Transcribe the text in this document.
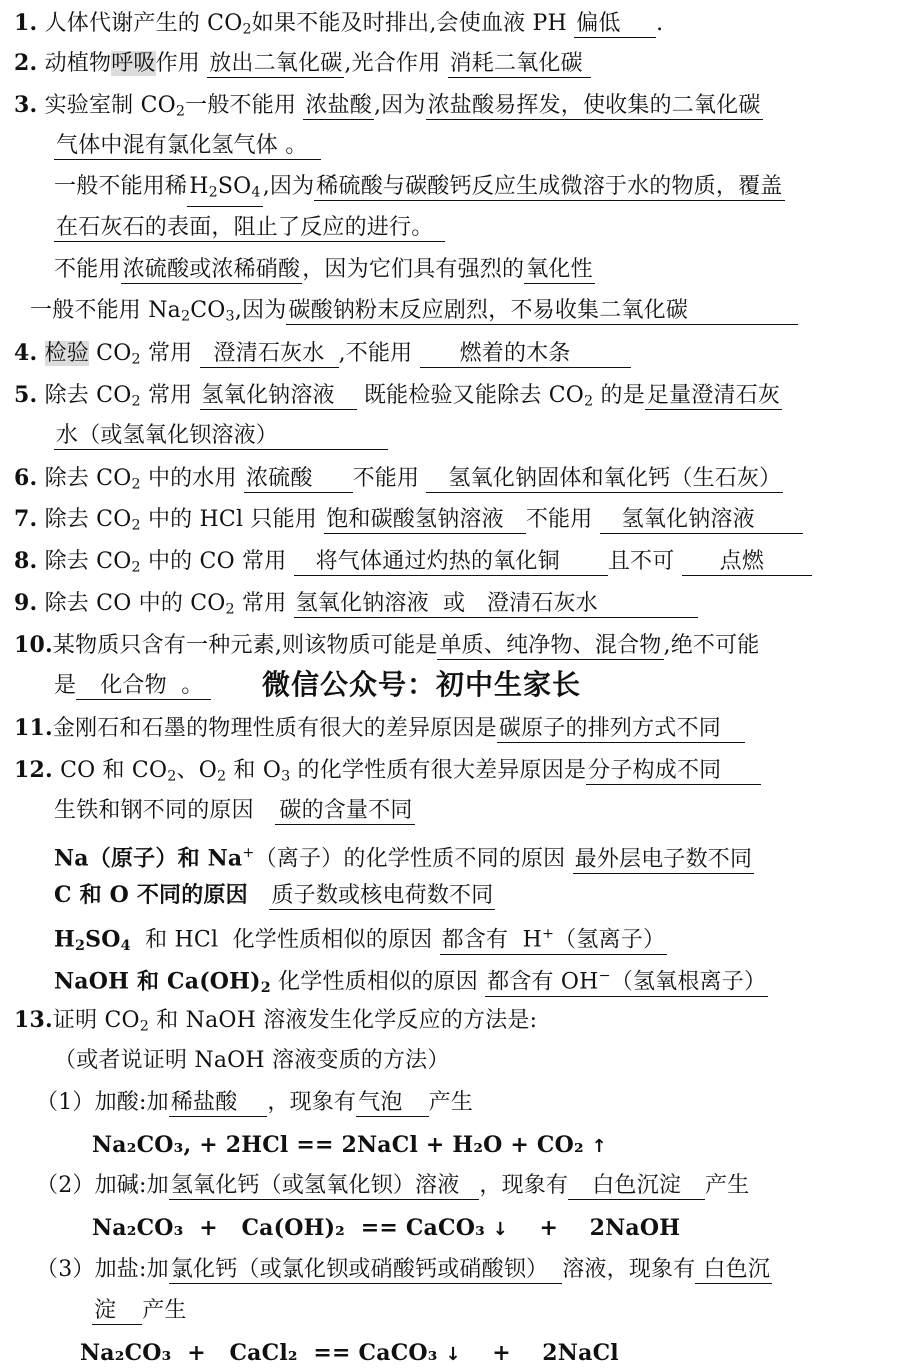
1. 人体代谢产生的 $CO_2$如果不能及时排出,会使血液 PH 偏低 .
2. 动植物呼吸作用 放出二氧化碳,光合作用 消耗二氧化碳
3. 实验室制 $CO_2$一般不能用 浓盐酸,因为浓盐酸易挥发，使收集的二氧化碳
气体中混有氯化氢气体 。
一般不能用稀$H_2SO_4$,因为稀硫酸与碳酸钙反应生成微溶于水的物质，覆盖
在石灰石的表面，阻止了反应的进行。
不能用浓硫酸或浓稀硝酸，因为它们具有强烈的氧化性
一般不能用 $Na_2CO_3$,因为碳酸钠粉末反应剧烈，不易收集二氧化碳
4. 检验 $CO_2$ 常用 澄清石灰水 ,不能用 燃着的木条
5. 除去 $CO_2$ 常用 氢氧化钠溶液 既能检验又能除去 $CO_2$ 的是足量澄清石灰
水（或氢氧化钡溶液）
6. 除去 $CO_2$ 中的水用 浓硫酸 不能用 氢氧化钠固体和氧化钙（生石灰）
7. 除去 $CO_2$ 中的 HCl 只能用 饱和碳酸氢钠溶液 不能用 氢氧化钠溶液
8. 除去 $CO_2$ 中的 CO 常用 将气体通过灼热的氧化铜 且不可 点燃
9. 除去 CO 中的 $CO_2$ 常用 氢氧化钠溶液  或   澄清石灰水
10.某物质只含有一种元素,则该物质可能是单质、纯净物、混合物,绝不可能
是 化合物 。 微信公众号：初中生家长
11.金刚石和石墨的物理性质有很大的差异原因是碳原子的排列方式不同
12. CO 和 $CO_2$、$O_2$ 和 $O_3$ 的化学性质有很大差异原因是分子构成不同
生铁和钢不同的原因 碳的含量不同
Na（原子）和 Na+（离子）的化学性质不同的原因 最外层电子数不同
C 和 O 不同的原因 质子数或核电荷数不同
$H_2SO_4$  和 HCl  化学性质相似的原因 都含有  H+（氢离子）
NaOH 和 $Ca(OH)_2$ 化学性质相似的原因 都含有 OH−（氢氧根离子）
13.证明 $CO_2$ 和 NaOH 溶液发生化学反应的方法是:
（或者说证明 NaOH 溶液变质的方法）
（1）加酸:加稀盐酸 ，现象有气泡 产生
Na₂CO₃, + 2HCl == 2NaCl + H₂O + CO₂ ↑
（2）加碱:加氢氧化钙（或氢氧化钡）溶液 ，现象有 白色沉淀 产生
Na₂CO₃  +   Ca(OH)₂  == CaCO₃ ↓ +    2NaOH
（3）加盐:加氯化钙（或氯化钡或硝酸钙或硝酸钡） 溶液，现象有 白色沉
淀 产生
Na₂CO₃  +   CaCl₂  == CaCO₃ ↓ +    2NaCl
